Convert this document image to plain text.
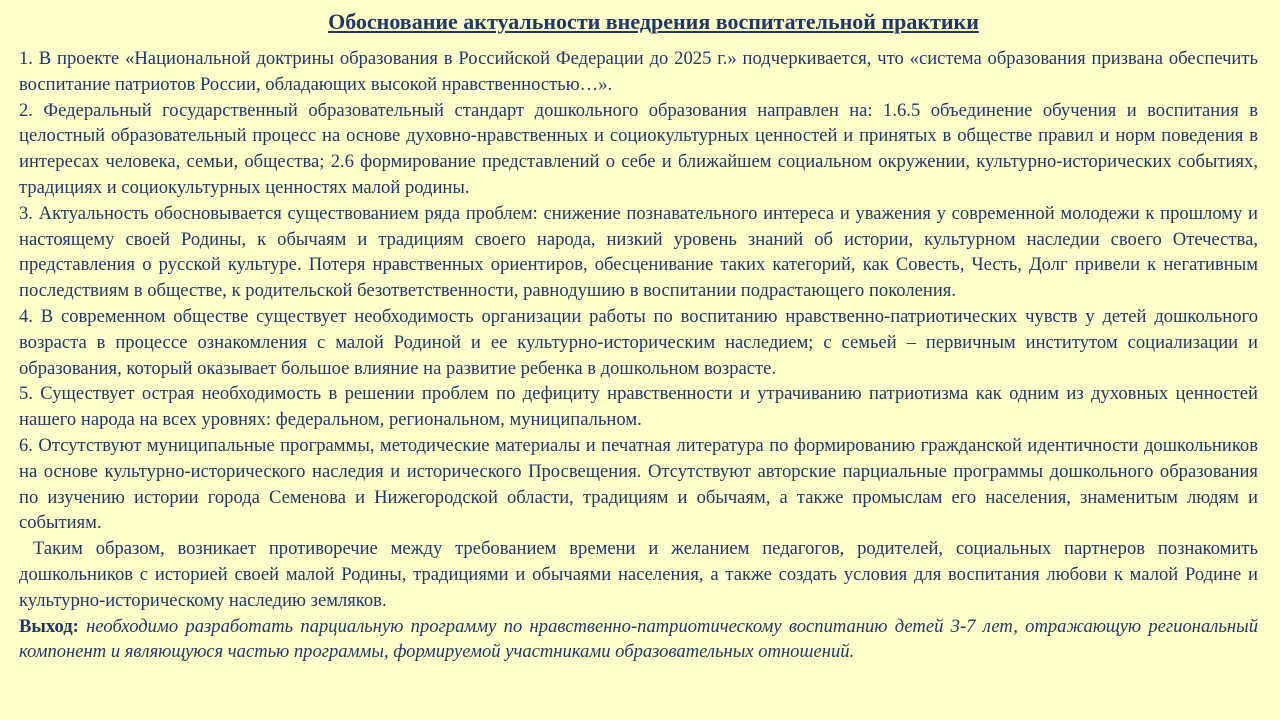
Обоснование актуальности внедрения воспитательной практики

1. В проекте «Национальной доктрины образования в Российской Федерации до 2025 г.» подчеркивается, что «система образования призвана обеспечить воспитание патриотов России, обладающих высокой нравственностью…».

2. Федеральный государственный образовательный стандарт дошкольного образования направлен на: 1.6.5 объединение обучения и воспитания в целостный образовательный процесс на основе духовно-нравственных и социокультурных ценностей и принятых в обществе правил и норм поведения в интересах человека, семьи, общества; 2.6 формирование представлений о себе и ближайшем социальном окружении, культурно-исторических событиях, традициях и социокультурных ценностях малой родины.

3. Актуальность обосновывается существованием ряда проблем: снижение познавательного интереса и уважения у современной молодежи к прошлому и настоящему своей Родины, к обычаям и традициям своего народа, низкий уровень знаний об истории, культурном наследии своего Отечества, представления о русской культуре. Потеря нравственных ориентиров, обесценивание таких категорий, как Совесть, Честь, Долг привели к негативным последствиям в обществе, к родительской безответственности, равнодушию в воспитании подрастающего поколения.

4. В современном обществе существует необходимость организации работы по воспитанию нравственно-патриотических чувств у детей дошкольного возраста в процессе ознакомления с малой Родиной и ее культурно-историческим наследием; с семьей – первичным институтом социализации и образования, который оказывает большое влияние на развитие ребенка в дошкольном возрасте.

5. Существует острая необходимость в решении проблем по дефициту нравственности и утрачиванию патриотизма как одним из духовных ценностей нашего народа на всех уровнях: федеральном, региональном, муниципальном.

6. Отсутствуют муниципальные программы, методические материалы и печатная литература по формированию гражданской идентичности дошкольников на основе культурно-исторического наследия и исторического Просвещения. Отсутствуют авторские парциальные программы дошкольного образования по изучению истории города Семенова и Нижегородской области, традициям и обычаям, а также промыслам его населения, знаменитым людям и событиям.

Таким образом, возникает противоречие между требованием времени и желанием педагогов, родителей, социальных партнеров познакомить дошкольников с историей своей малой Родины, традициями и обычаями населения, а также создать условия для воспитания любови к малой Родине и культурно-историческому наследию земляков.

Выход: необходимо разработать парциальную программу по нравственно-патриотическому воспитанию детей 3-7 лет, отражающую региональный компонент и являющуюся частью программы, формируемой участниками образовательных отношений.
